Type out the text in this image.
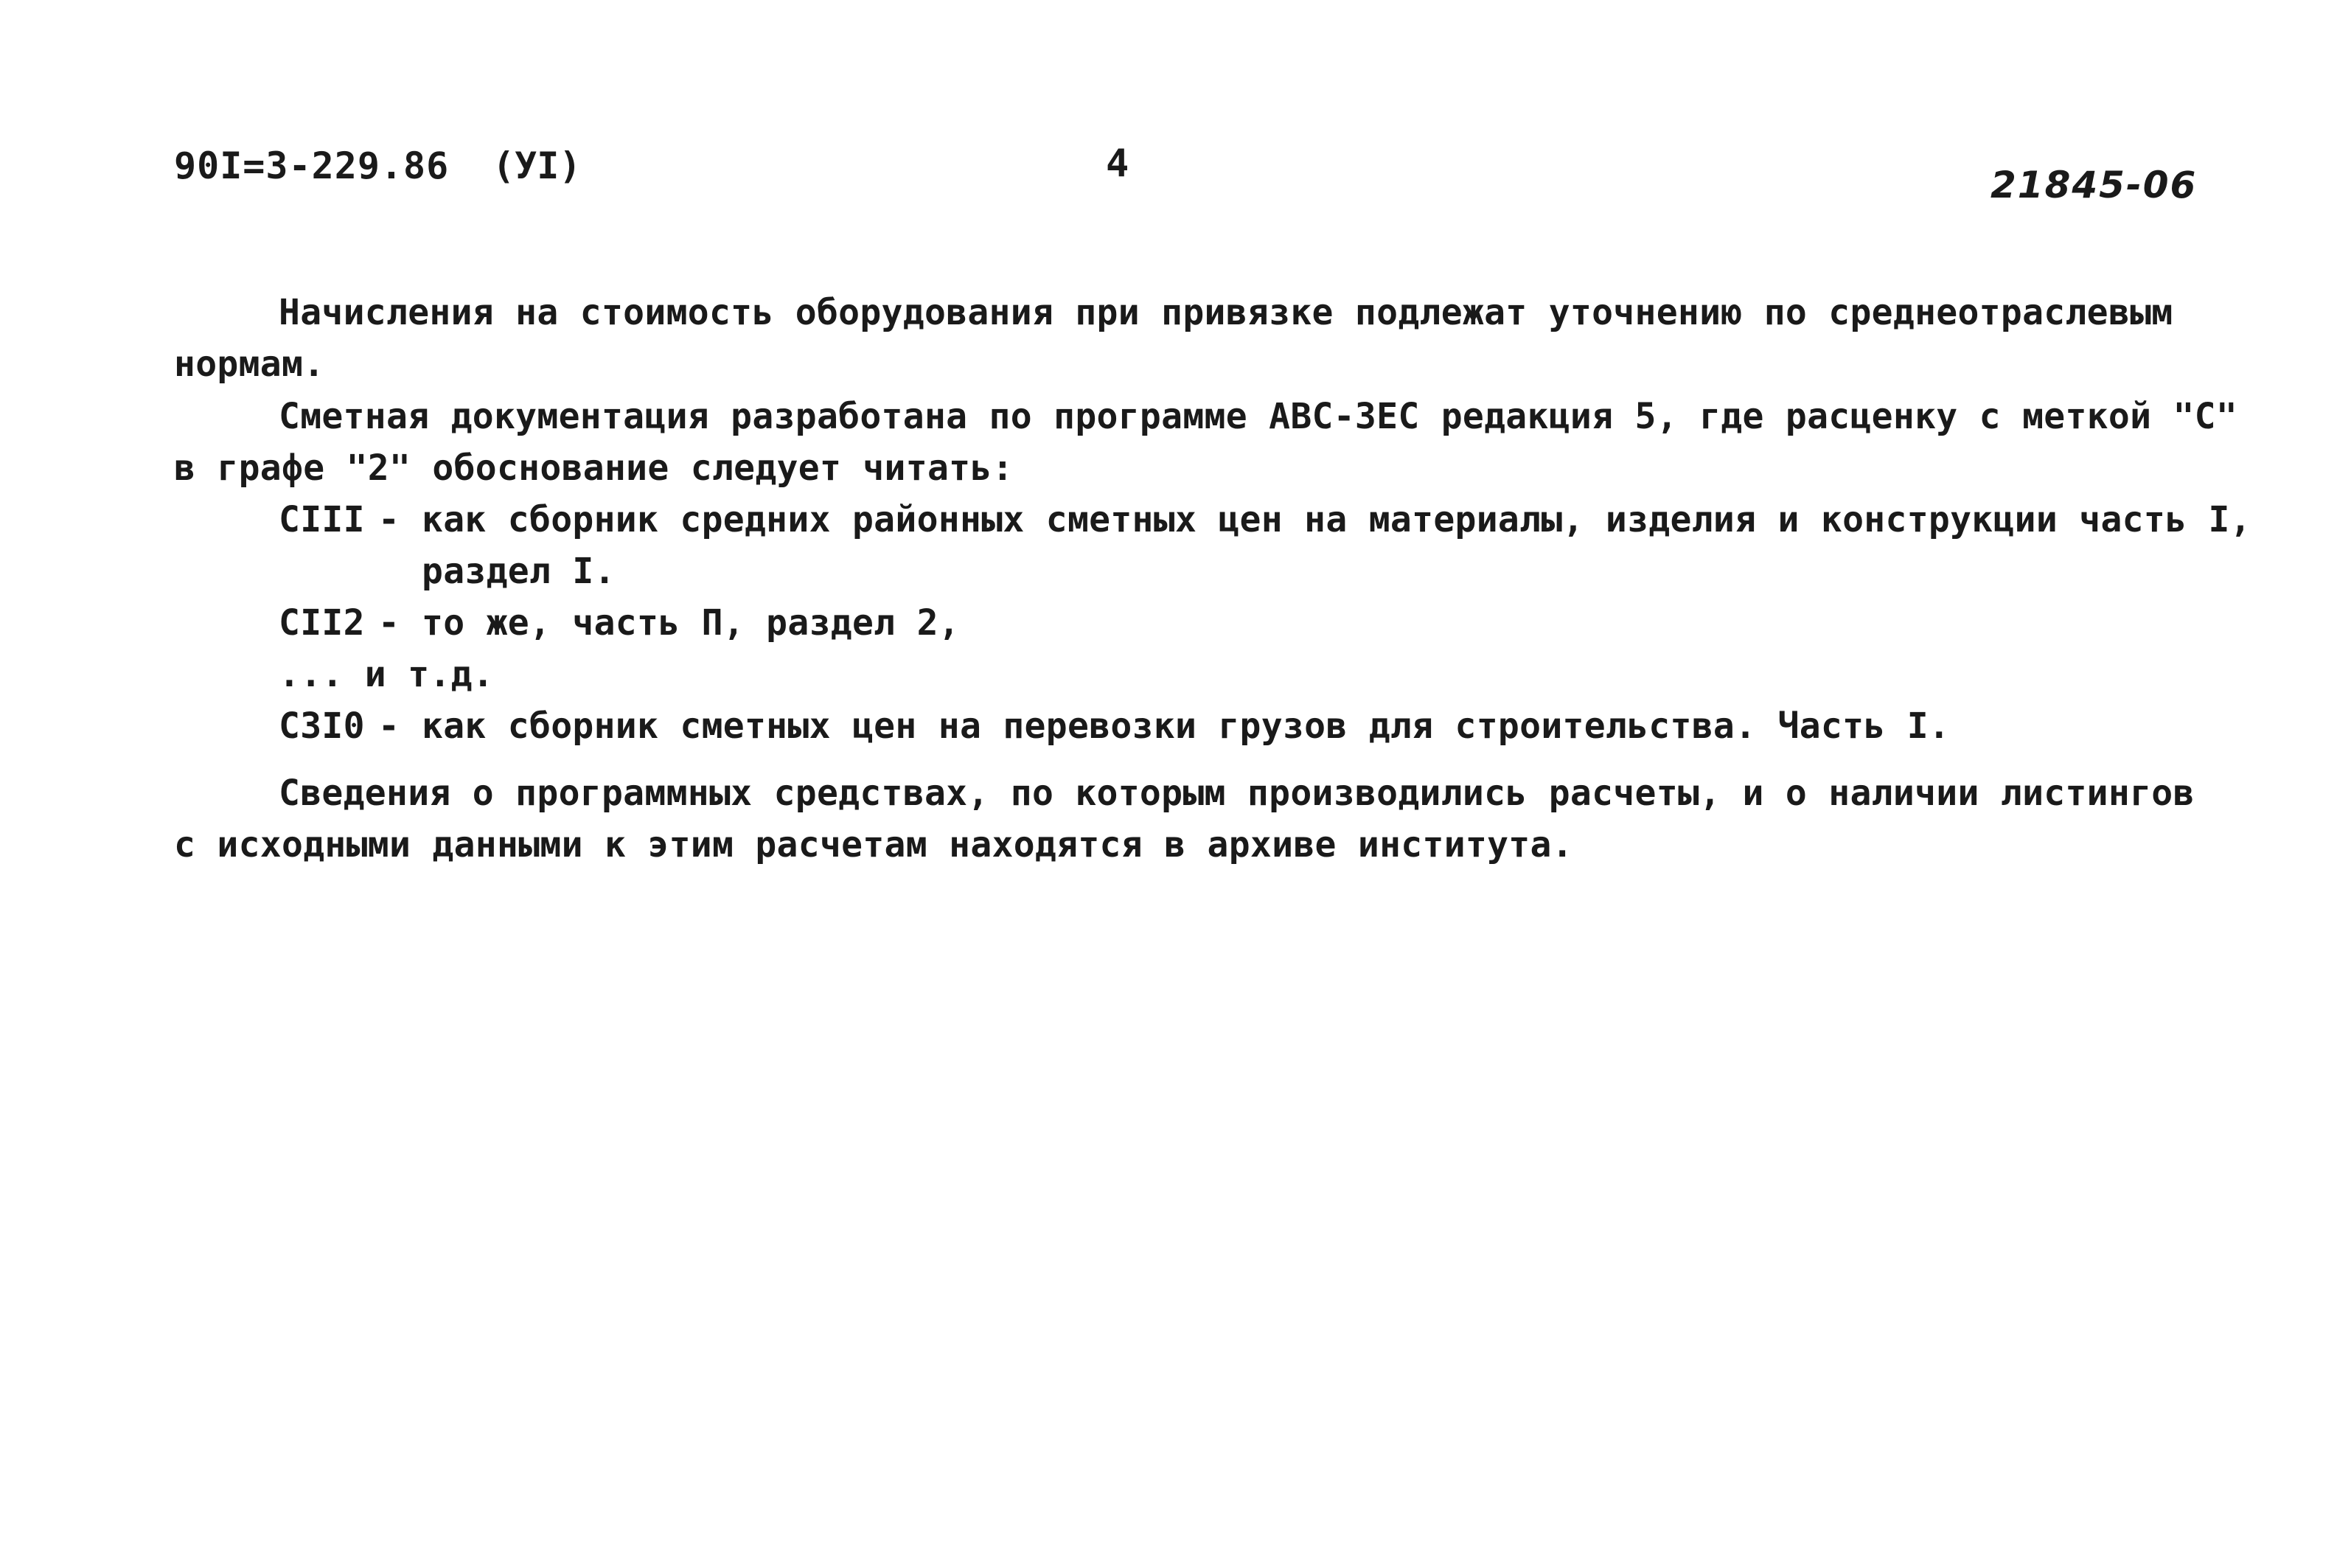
90I=3-229.86 (УI)	4	21845-06
Начисления на стоимость оборудования при привязке подлежат уточнению по среднеотраслевым
нормам.
Сметная документация разработана по программе АВС-ЗЕС редакция 5, где расценку с меткой "С"
в графе "2" обоснование следует читать:
СIII - как сборник средних районных сметных цен на материалы, изделия и конструкции часть I,
раздел I.
СII2 - то же, часть П, раздел 2,
... и т.д.
С3I0 - как сборник сметных цен на перевозки грузов для строительства. Часть I.
Сведения о программных средствах, по которым производились расчеты, и о наличии листингов
с исходными данными к этим расчетам находятся в архиве института.
